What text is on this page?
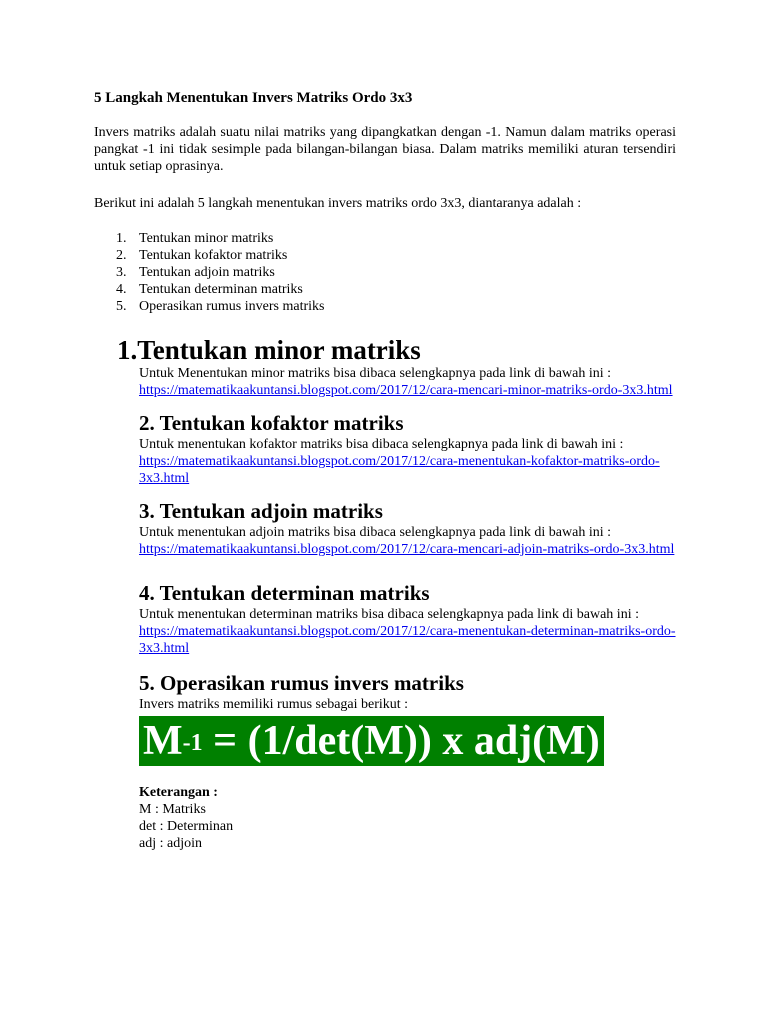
5 Langkah Menentukan Invers Matriks Ordo 3x3

Invers matriks adalah suatu nilai matriks yang dipangkatkan dengan -1. Namun dalam matriks operasi pangkat -1 ini tidak sesimple pada bilangan-bilangan biasa. Dalam matriks memiliki aturan tersendiri untuk setiap oprasinya.

Berikut ini adalah 5 langkah menentukan invers matriks ordo 3x3, diantaranya adalah :

1. Tentukan minor matriks
2. Tentukan kofaktor matriks
3. Tentukan adjoin matriks
4. Tentukan determinan matriks
5. Operasikan rumus invers matriks
1.Tentukan minor matriks
Untuk Menentukan minor matriks bisa dibaca selengkapnya pada link di bawah ini :
https://matematikaakuntansi.blogspot.com/2017/12/cara-mencari-minor-matriks-ordo-3x3.html
2. Tentukan kofaktor matriks
Untuk menentukan kofaktor matriks bisa dibaca selengkapnya pada link di bawah ini :
https://matematikaakuntansi.blogspot.com/2017/12/cara-menentukan-kofaktor-matriks-ordo-3x3.html
3. Tentukan adjoin matriks
Untuk menentukan adjoin matriks bisa dibaca selengkapnya pada link di bawah ini :
https://matematikaakuntansi.blogspot.com/2017/12/cara-mencari-adjoin-matriks-ordo-3x3.html
4. Tentukan determinan matriks
Untuk menentukan determinan matriks bisa dibaca selengkapnya pada link di bawah ini :
https://matematikaakuntansi.blogspot.com/2017/12/cara-menentukan-determinan-matriks-ordo-3x3.html
5. Operasikan rumus invers matriks
Invers matriks memiliki rumus sebagai berikut :
$M^{-1} = (1/\det(M))$ x adj(M)
Keterangan :
M : Matriks
det : Determinan
adj : adjoin
